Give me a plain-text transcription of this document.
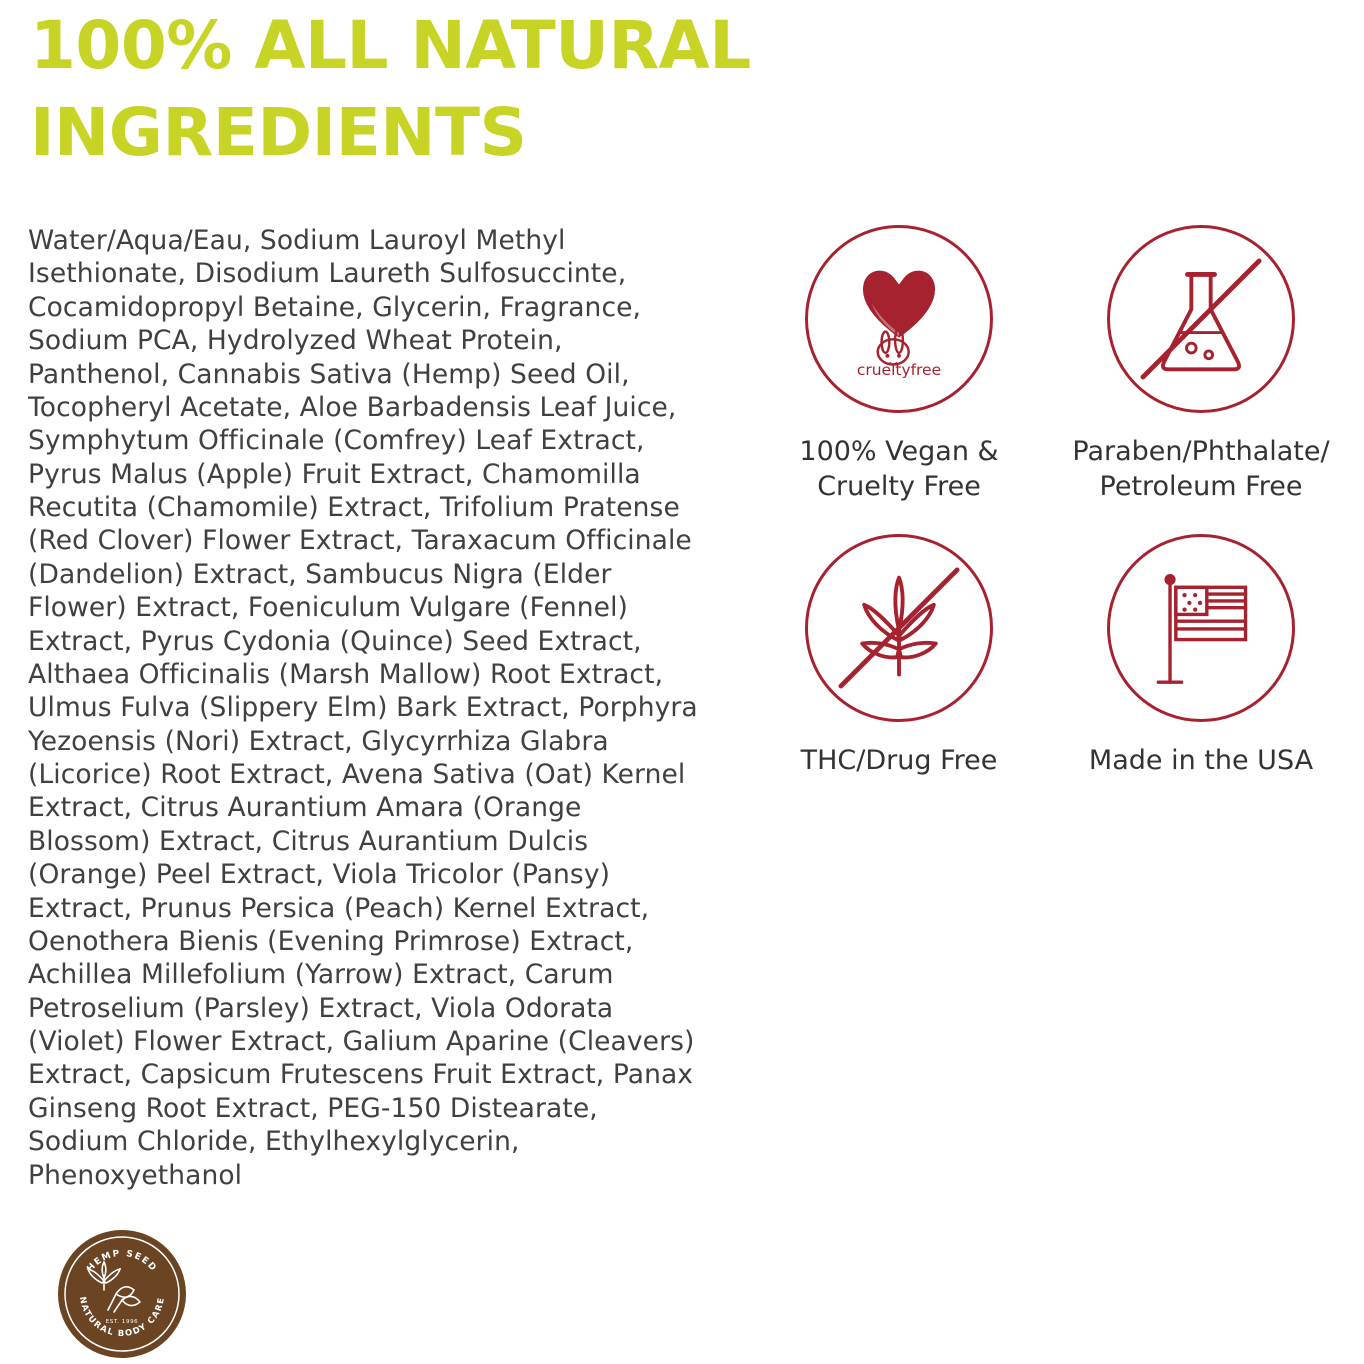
100% ALL NATURAL INGREDIENTS
Water/Aqua/Eau, Sodium Lauroyl Methyl Isethionate, Disodium Laureth Sulfosuccinte, Cocamidopropyl Betaine, Glycerin, Fragrance, Sodium PCA, Hydrolyzed Wheat Protein, Panthenol, Cannabis Sativa (Hemp) Seed Oil, Tocopheryl Acetate, Aloe Barbadensis Leaf Juice, Symphytum Officinale (Comfrey) Leaf Extract, Pyrus Malus (Apple) Fruit Extract, Chamomilla Recutita (Chamomile) Extract, Trifolium Pratense (Red Clover) Flower Extract, Taraxacum Officinale (Dandelion) Extract, Sambucus Nigra (Elder Flower) Extract, Foeniculum Vulgare (Fennel) Extract, Pyrus Cydonia (Quince) Seed Extract, Althaea Officinalis (Marsh Mallow) Root Extract, Ulmus Fulva (Slippery Elm) Bark Extract, Porphyra Yezoensis (Nori) Extract, Glycyrrhiza Glabra (Licorice) Root Extract, Avena Sativa (Oat) Kernel Extract, Citrus Aurantium Amara (Orange Blossom) Extract, Citrus Aurantium Dulcis (Orange) Peel Extract, Viola Tricolor (Pansy) Extract, Prunus Persica (Peach) Kernel Extract, Oenothera Bienis (Evening Primrose) Extract, Achillea Millefolium (Yarrow) Extract, Carum Petroselium (Parsley) Extract, Viola Odorata (Violet) Flower Extract, Galium Aparine (Cleavers) Extract, Capsicum Frutescens Fruit Extract, Panax Ginseng Root Extract, PEG-150 Distearate, Sodium Chloride, Ethylhexylglycerin, Phenoxyethanol
crueltyfree
100% Vegan & Cruelty Free
Paraben/Phthalate/ Petroleum Free
THC/Drug Free	Made in the USA
HEMP SEED
NATURAL BODY CARE
EST. 1996
